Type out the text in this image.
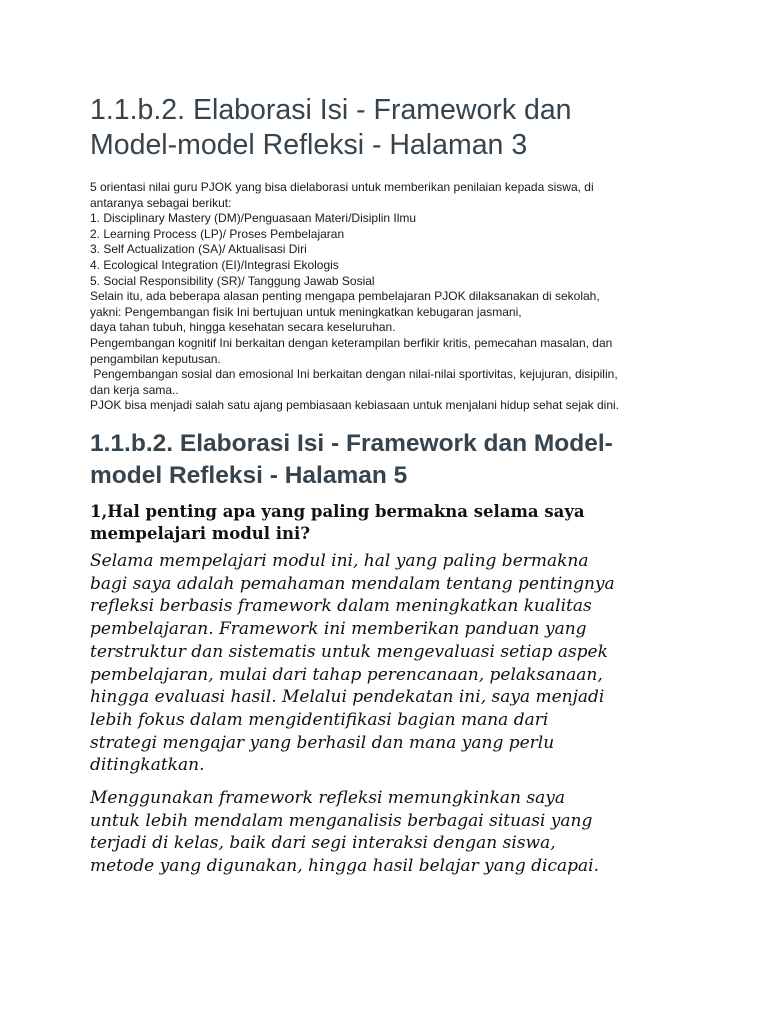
1.1.b.2. Elaborasi Isi - Framework dan
Model-model Refleksi - Halaman 3
5 orientasi nilai guru PJOK yang bisa dielaborasi untuk memberikan penilaian kepada siswa, di
antaranya sebagai berikut:
1. Disciplinary Mastery (DM)/Penguasaan Materi/Disiplin Ilmu
2. Learning Process (LP)/ Proses Pembelajaran
3. Self Actualization (SA)/ Aktualisasi Diri
4. Ecological Integration (EI)/Integrasi Ekologis
5. Social Responsibility (SR)/ Tanggung Jawab Sosial
Selain itu, ada beberapa alasan penting mengapa pembelajaran PJOK dilaksanakan di sekolah,
yakni: Pengembangan fisik Ini bertujuan untuk meningkatkan kebugaran jasmani,
daya tahan tubuh, hingga kesehatan secara keseluruhan.
Pengembangan kognitif Ini berkaitan dengan keterampilan berfikir kritis, pemecahan masalan, dan
pengambilan keputusan.
Pengembangan sosial dan emosional Ini berkaitan dengan nilai-nilai sportivitas, kejujuran, disipilin,
dan kerja sama..
PJOK bisa menjadi salah satu ajang pembiasaan kebiasaan untuk menjalani hidup sehat sejak dini.
1.1.b.2. Elaborasi Isi - Framework dan Model-
model Refleksi - Halaman 5
1,Hal penting apa yang paling bermakna selama saya
mempelajari modul ini?

Selama mempelajari modul ini, hal yang paling bermakna
bagi saya adalah pemahaman mendalam tentang pentingnya
refleksi berbasis framework dalam meningkatkan kualitas
pembelajaran. Framework ini memberikan panduan yang
terstruktur dan sistematis untuk mengevaluasi setiap aspek
pembelajaran, mulai dari tahap perencanaan, pelaksanaan,
hingga evaluasi hasil. Melalui pendekatan ini, saya menjadi
lebih fokus dalam mengidentifikasi bagian mana dari
strategi mengajar yang berhasil dan mana yang perlu
ditingkatkan.

Menggunakan framework refleksi memungkinkan saya
untuk lebih mendalam menganalisis berbagai situasi yang
terjadi di kelas, baik dari segi interaksi dengan siswa,
metode yang digunakan, hingga hasil belajar yang dicapai.
